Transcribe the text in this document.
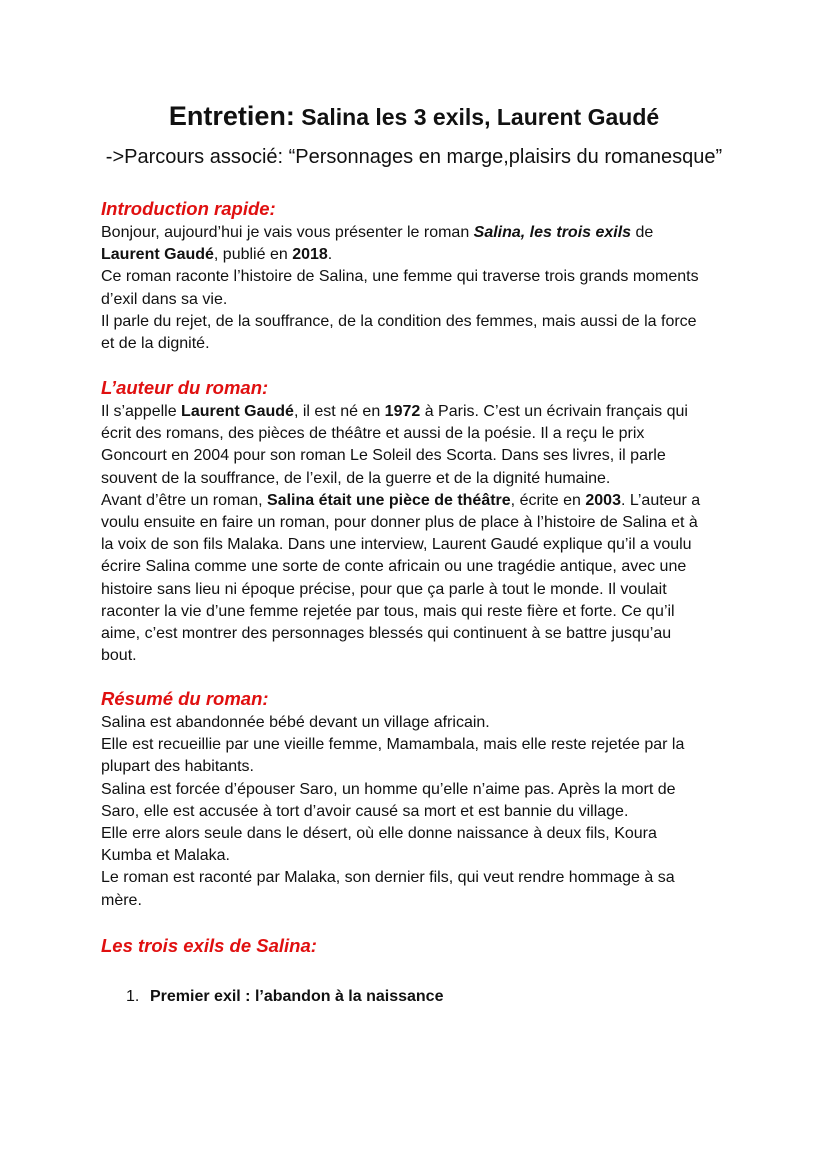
Entretien: Salina les 3 exils, Laurent Gaudé

->Parcours associé: “Personnages en marge,plaisirs du romanesque”

Introduction rapide:

Bonjour, aujourd’hui je vais vous présenter le roman Salina, les trois exils de
Laurent Gaudé, publié en 2018.
Ce roman raconte l’histoire de Salina, une femme qui traverse trois grands moments
d’exil dans sa vie.
Il parle du rejet, de la souffrance, de la condition des femmes, mais aussi de la force
et de la dignité.

L’auteur du roman:

Il s’appelle Laurent Gaudé, il est né en 1972 à Paris. C’est un écrivain français qui
écrit des romans, des pièces de théâtre et aussi de la poésie. Il a reçu le prix
Goncourt en 2004 pour son roman Le Soleil des Scorta. Dans ses livres, il parle
souvent de la souffrance, de l’exil, de la guerre et de la dignité humaine.
Avant d’être un roman, Salina était une pièce de théâtre, écrite en 2003. L’auteur a
voulu ensuite en faire un roman, pour donner plus de place à l’histoire de Salina et à
la voix de son fils Malaka. Dans une interview, Laurent Gaudé explique qu’il a voulu
écrire Salina comme une sorte de conte africain ou une tragédie antique, avec une
histoire sans lieu ni époque précise, pour que ça parle à tout le monde. Il voulait
raconter la vie d’une femme rejetée par tous, mais qui reste fière et forte. Ce qu’il
aime, c’est montrer des personnages blessés qui continuent à se battre jusqu’au
bout.

Résumé du roman:

Salina est abandonnée bébé devant un village africain.
Elle est recueillie par une vieille femme, Mamambala, mais elle reste rejetée par la
plupart des habitants.
Salina est forcée d’épouser Saro, un homme qu’elle n’aime pas. Après la mort de
Saro, elle est accusée à tort d’avoir causé sa mort et est bannie du village.
Elle erre alors seule dans le désert, où elle donne naissance à deux fils, Koura
Kumba et Malaka.
Le roman est raconté par Malaka, son dernier fils, qui veut rendre hommage à sa
mère.

Les trois exils de Salina:

1. Premier exil : l’abandon à la naissance
